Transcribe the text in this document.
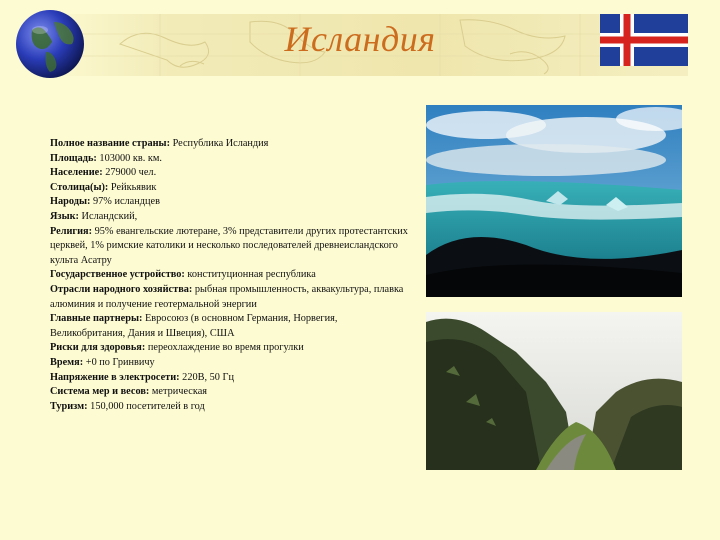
Исландия

Полное название страны: Республика Исландия

Площадь: 103000 кв. км.

Население: 279000 чел.

Столица(ы): Рейкьявик

Народы: 97% исландцев

Язык: Исландский,

Религия: 95% евангельские лютеране, 3% представители других протестантских церквей, 1% римские католики и несколько последователей древнеисландского культа Асатру

Государственное устройство: конституционная республика

Отрасли народного хозяйства: рыбная промышленность, аквакультура, плавка алюминия и получение геотермальной энергии

Главные партнеры: Евросоюз (в основном Германия, Норвегия, Великобритания, Дания и Швеция), США

Риски для здоровья: переохлаждение во время прогулки

Время: +0 по Гринвичу

Напряжение в электросети: 220В, 50 Гц

Система мер и весов: метрическая

Туризм: 150,000 посетителей в год
